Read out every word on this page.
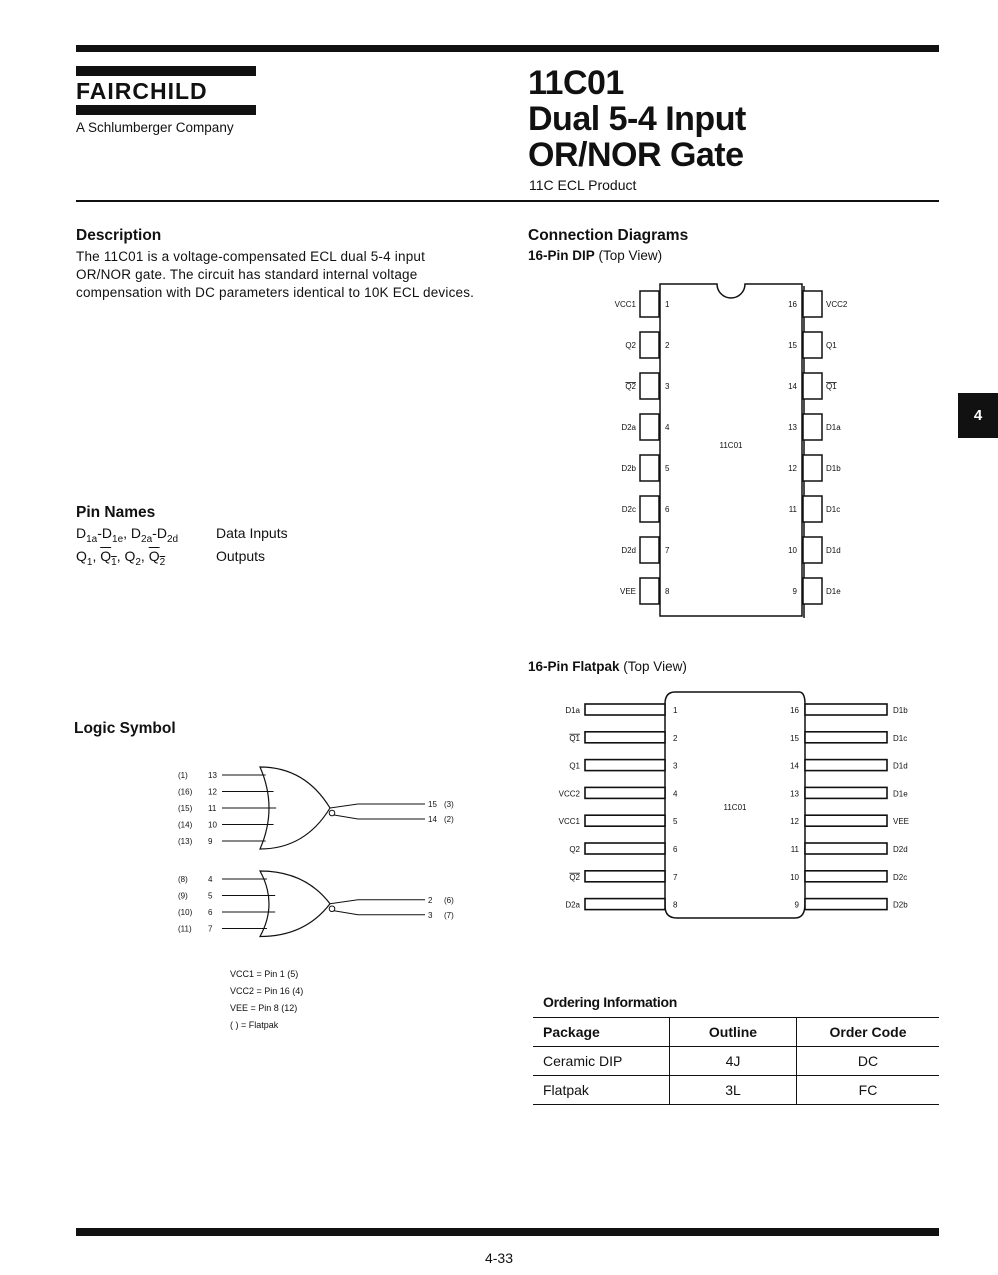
FAIRCHILD
A Schlumberger Company
11C01
Dual 5-4 Input
OR/NOR Gate
11C ECL Product
4
Description
The 11C01 is a voltage-compensated ECL dual 5-4 input OR/NOR gate. The circuit has standard internal voltage compensation with DC parameters identical to 10K ECL devices.
Pin Names
$D_{1a}-D_{1e}$, $D_{2a}-D_{2d}$	Data Inputs
$Q_1$, $Q_1$, $Q_2$, $Q_2$	Outputs
Logic Symbol
(1)	13
(16) 12
(15) 11
(14) 10
(13) 9
15 (3)
14 (2)
(8)	4
(9)	5
(10) 6
(11) 7
2 (6)
3 (7)
VCC1 = Pin 1 (5)
VCC2 = Pin 16 (4)
VEE = Pin 8 (12)
( ) = Flatpak
Connection Diagrams
16-Pin DIP (Top View)
11C01
1
VCC1
2
Q2
3
Q2
4
D2a
5
D2b
6
D2c
7
D2d
8
VEE
16	VCC2
15	Q1
14	Q1
13	D1a
12	D1b
11	D1c
10	D1d
9	D1e
16-Pin Flatpak (Top View)
11C01
1
D1a
2
Q1
3
Q1
4
VCC2
5
VCC1
6
Q2
7
Q2
8
D2a
16	D1b
15	D1c
14	D1d
13	D1e
12	VEE
11	D2d
10	D2c
9	D2b
Ordering Information
Package	Outline	Order Code
Ceramic DIP	4J	DC
Flatpak	3L	FC
4-33
